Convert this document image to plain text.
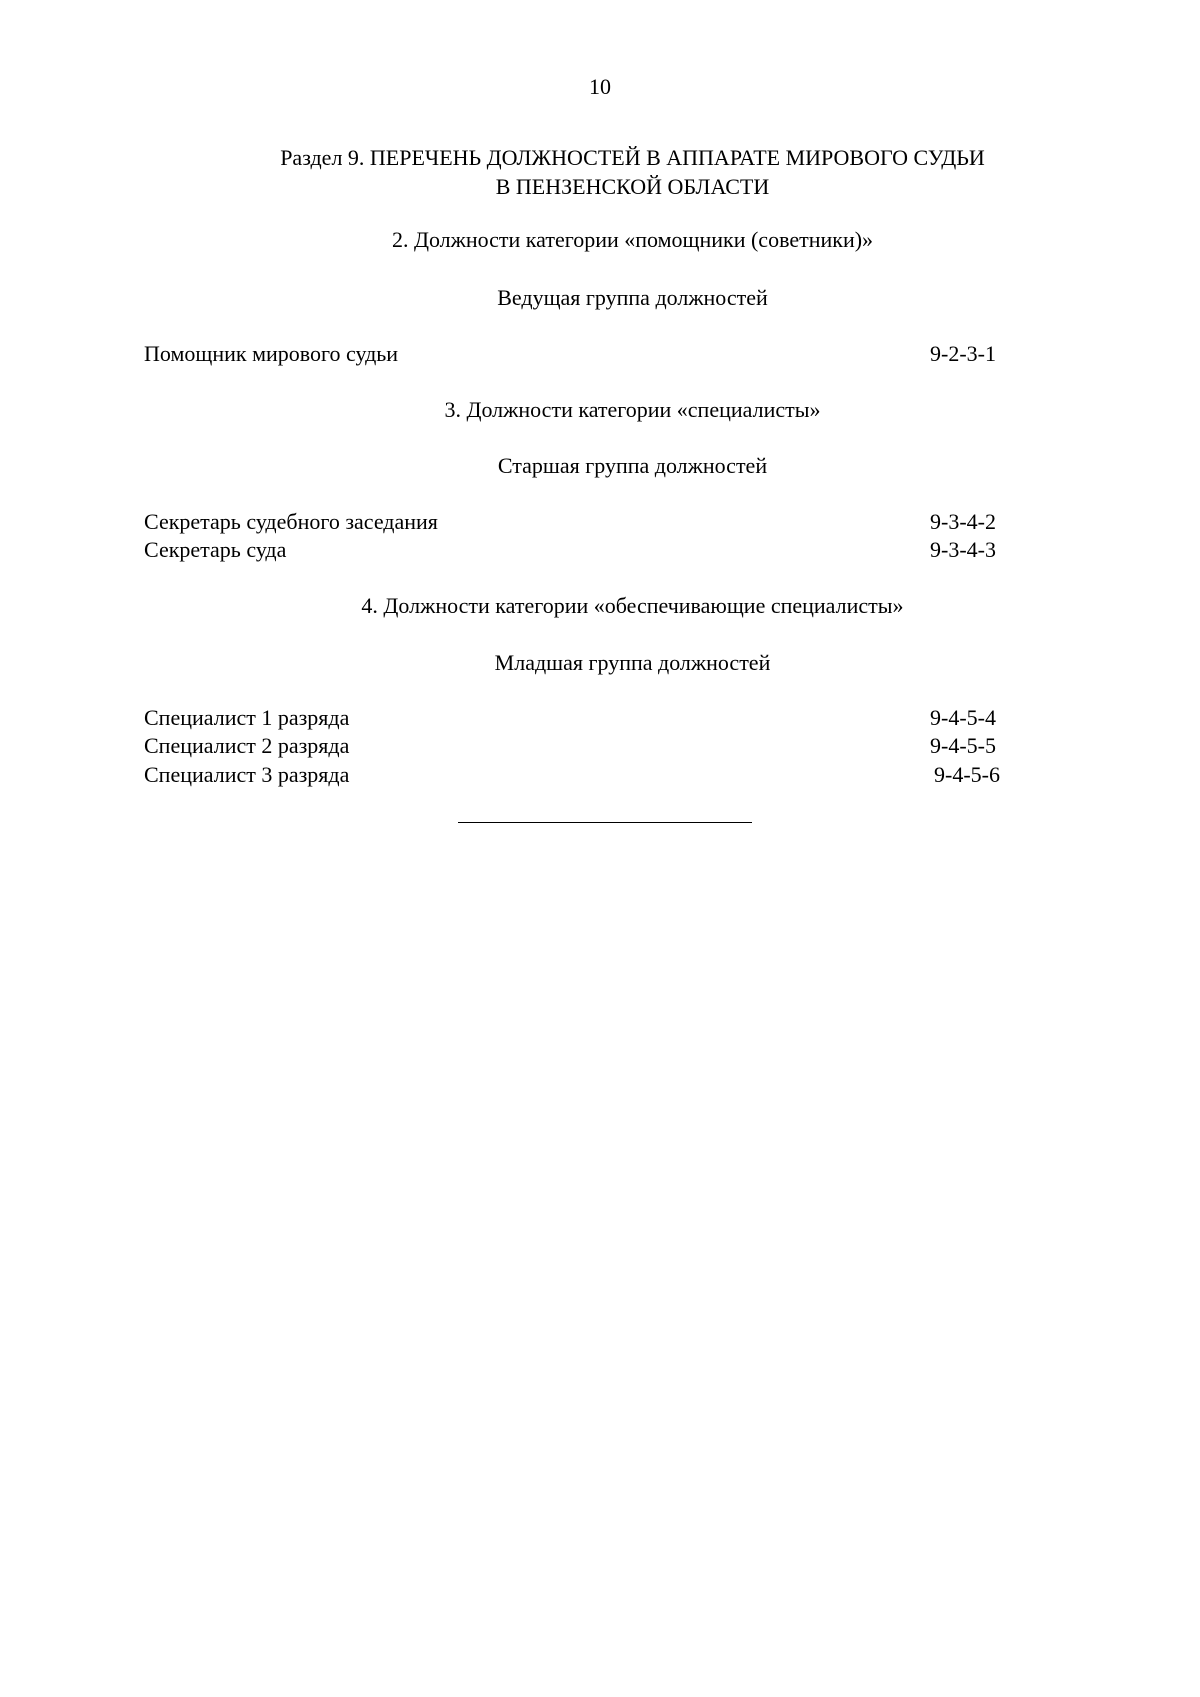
10
Раздел 9. ПЕРЕЧЕНЬ ДОЛЖНОСТЕЙ В АППАРАТЕ МИРОВОГО СУДЬИ
В ПЕНЗЕНСКОЙ ОБЛАСТИ
2. Должности категории «помощники (советники)»
Ведущая группа должностей
Помощник мирового судьи	9-2-3-1
3. Должности категории «специалисты»
Старшая группа должностей
Секретарь судебного заседания	9-3-4-2
Секретарь суда	9-3-4-3
4. Должности категории «обеспечивающие специалисты»
Младшая группа должностей
Специалист 1 разряда	9-4-5-4
Специалист 2 разряда	9-4-5-5
Специалист 3 разряда	9-4-5-6
